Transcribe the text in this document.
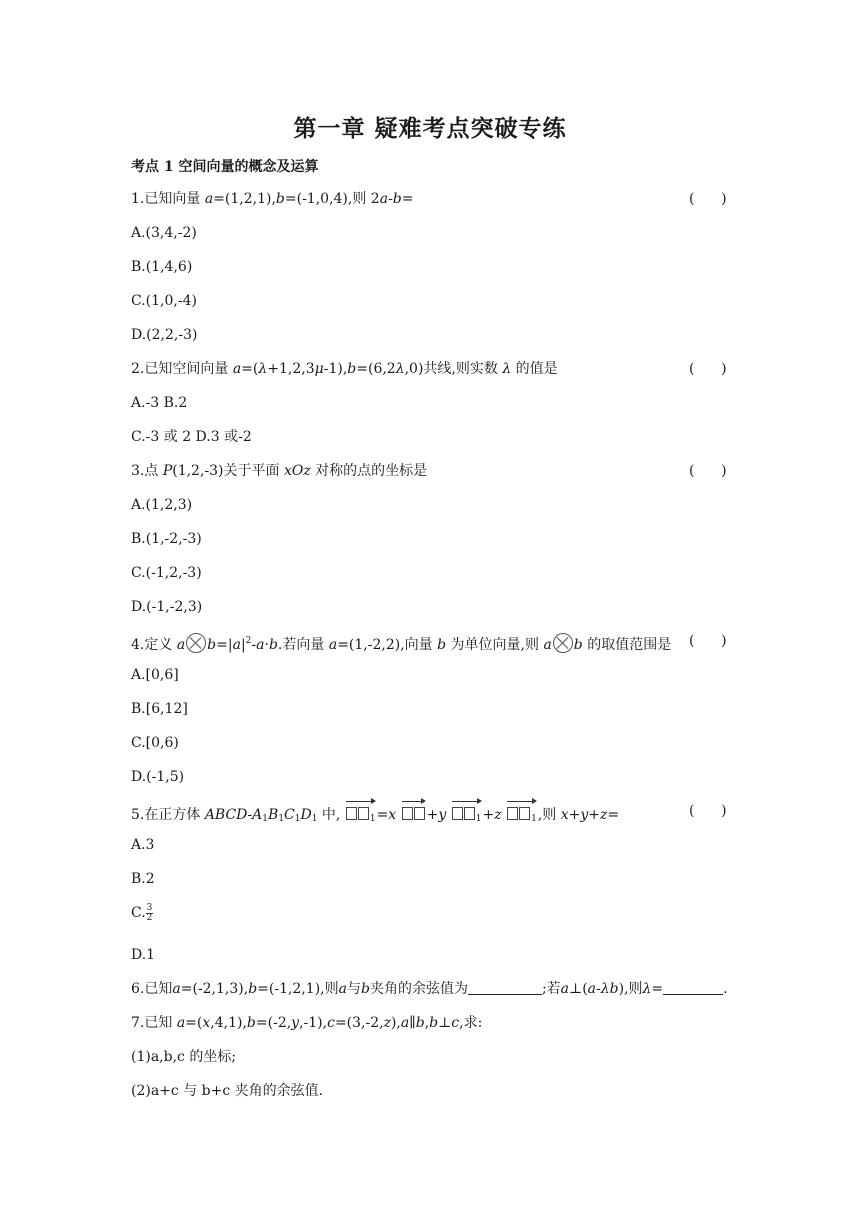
第一章 疑难考点突破专练
考点 1 空间向量的概念及运算
1.已知向量 a=(1,2,1),b=(-1,0,4),则 2a-b=	(      )
A.(3,4,-2)
B.(1,4,6)
C.(1,0,-4)
D.(2,2,-3)
2.已知空间向量 a=(λ+1,2,3μ-1),b=(6,2λ,0)共线,则实数 λ 的值是	(      )
A.-3 B.2
C.-3 或 2 D.3 或-2
3.点 P(1,2,-3)关于平面 xOz 对称的点的坐标是	(      )
A.(1,2,3)
B.(1,-2,-3)
C.(-1,2,-3)
D.(-1,-2,3)
4.定义 a $b=|a|^2-a\cdot b$.若向量 a=(1,-2,2),向量 b 为单位向量,则 a b 的取值范围是 (      )
A.[0,6]
B.[6,12]
C.[0,6)
D.(-1,5)
5.在正方体 ABCD-$A_1B_1C_1D_1$ 中,	$_1$=x +y	$_1$+z	$_1$,则 x+y+z=	(      )
A.3
B.2
C. $\frac{3}{2}$
D.1
6.已知a=(-2,1,3),b=(-1,2,1),则a与b夹角的余弦值为	;若a⊥(a-λb),则λ=	.
7.已知 a=(x,4,1),b=(-2,y,-1),c=(3,-2,z),a∥b,b⊥c,求:
(1)a,b,c 的坐标;
(2)a+c 与 b+c 夹角的余弦值.
